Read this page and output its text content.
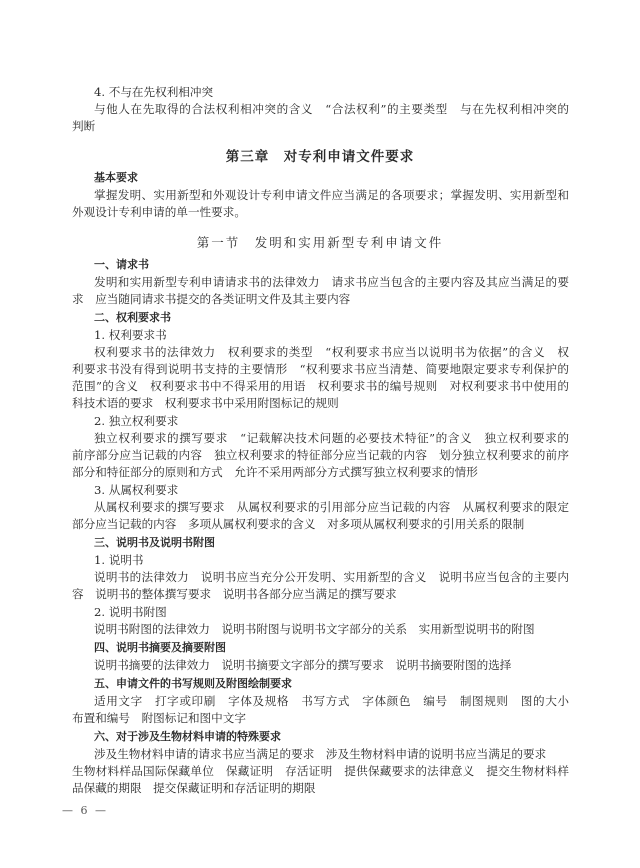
4. 不与在先权利相冲突
与他人在先取得的合法权利相冲突的含义　“合法权利”的主要类型　与在先权利相冲突的
判断
第三章　对专利申请文件要求
基本要求
掌握发明、实用新型和外观设计专利申请文件应当满足的各项要求；掌握发明、实用新型和
外观设计专利申请的单一性要求。
第一节　发明和实用新型专利申请文件
一、请求书
发明和实用新型专利申请请求书的法律效力　请求书应当包含的主要内容及其应当满足的要
求　应当随同请求书提交的各类证明文件及其主要内容
二、权利要求书
1. 权利要求书
权利要求书的法律效力　权利要求的类型　“权利要求书应当以说明书为依据”的含义　权
利要求书没有得到说明书支持的主要情形　“权利要求书应当清楚、简要地限定要求专利保护的
范围”的含义　权利要求书中不得采用的用语　权利要求书的编号规则　对权利要求书中使用的
科技术语的要求　权利要求书中采用附图标记的规则
2. 独立权利要求
独立权利要求的撰写要求　“记载解决技术问题的必要技术特征”的含义　独立权利要求的
前序部分应当记载的内容　独立权利要求的特征部分应当记载的内容　划分独立权利要求的前序
部分和特征部分的原则和方式　允许不采用两部分方式撰写独立权利要求的情形
3. 从属权利要求
从属权利要求的撰写要求　从属权利要求的引用部分应当记载的内容　从属权利要求的限定
部分应当记载的内容　多项从属权利要求的含义　对多项从属权利要求的引用关系的限制
三、说明书及说明书附图
1. 说明书
说明书的法律效力　说明书应当充分公开发明、实用新型的含义　说明书应当包含的主要内
容　说明书的整体撰写要求　说明书各部分应当满足的撰写要求
2. 说明书附图
说明书附图的法律效力　说明书附图与说明书文字部分的关系　实用新型说明书的附图
四、说明书摘要及摘要附图
说明书摘要的法律效力　说明书摘要文字部分的撰写要求　说明书摘要附图的选择
五、申请文件的书写规则及附图绘制要求
适用文字　打字或印刷　字体及规格　书写方式　字体颜色　编号　制图规则　图的大小
布置和编号　附图标记和图中文字
六、对于涉及生物材料申请的特殊要求
涉及生物材料申请的请求书应当满足的要求　涉及生物材料申请的说明书应当满足的要求
生物材料样品国际保藏单位　保藏证明　存活证明　提供保藏要求的法律意义　提交生物材料样
品保藏的期限　提交保藏证明和存活证明的期限
— 6 —
